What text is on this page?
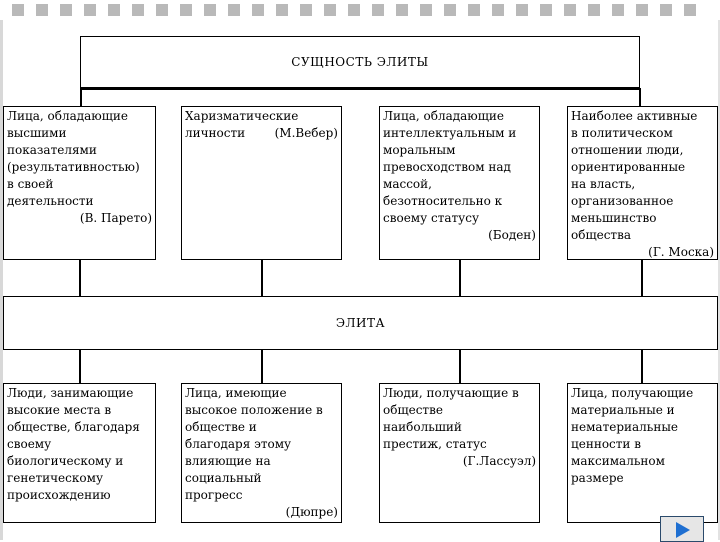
СУЩНОСТЬ ЭЛИТЫ
Лица, обладающие
высшими
показателями
(результативностью)
в своей
деятельности
(В. Парето)
Харизматические
личности	(М.Вебер)
Лица, обладающие
интеллектуальным и
моральным
превосходством над
массой,
безотносительно к
своему статусу
(Боден)
Наиболее активные
в политическом
отношении люди,
ориентированные
на власть,
организованное
меньшинство
общества
(Г. Моска)
ЭЛИТА
Люди, занимающие
высокие места в
обществе, благодаря
своему
биологическому и
генетическому
происхождению
Лица, имеющие
высокое положение в
обществе и
благодаря этому
влияющие на
социальный
прогресс
(Дюпре)
Люди, получающие в
обществе
наибольший
престиж, статус
(Г.Лассуэл)
Лица, получающие
материальные и
нематериальные
ценности в
максимальном
размере
